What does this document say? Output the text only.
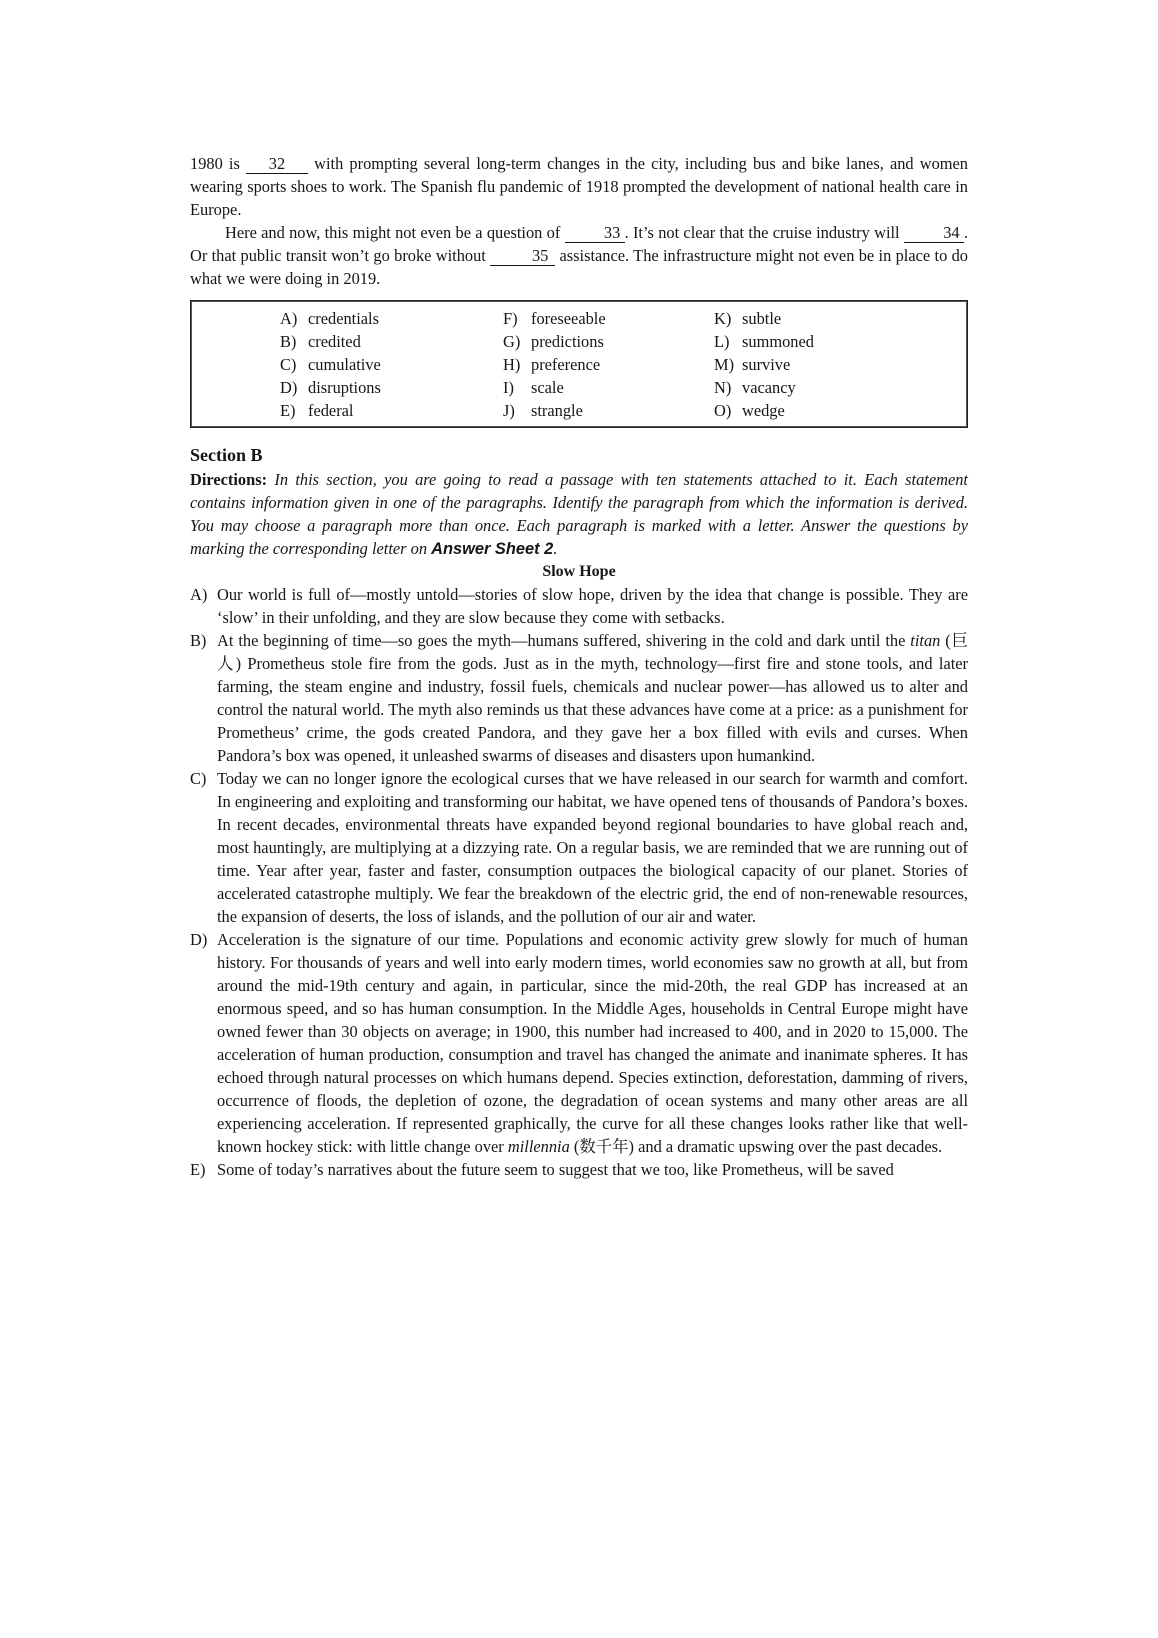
1980 is 32 with prompting several long-term changes in the city, including bus and bike lanes, and women wearing sports shoes to work. The Spanish flu pandemic of 1918 prompted the development of national health care in Europe.

Here and now, this might not even be a question of 33 . It’s not clear that the cruise industry will 34 . Or that public transit won’t go broke without	35 assistance. The infrastructure might not even be in place to do what we were doing in 2019.

A) credentials
B) credited
C) cumulative
D) disruptions
E) federal
F) foreseeable
G) predictions
H) preference
I) scale
J) strangle
K) subtle
L) summoned
M) survive
N) vacancy
O) wedge
Section B

Directions: In this section, you are going to read a passage with ten statements attached to it. Each statement contains information given in one of the paragraphs. Identify the paragraph from which the information is derived. You may choose a paragraph more than once. Each paragraph is marked with a letter. Answer the questions by marking the corresponding letter on Answer Sheet 2.

Slow Hope
A) Our world is full of—mostly untold—stories of slow hope, driven by the idea that change is possible. They are ‘slow’ in their unfolding, and they are slow because they come with setbacks.
B) At the beginning of time—so goes the myth—humans suffered, shivering in the cold and dark until the titan (巨人) Prometheus stole fire from the gods. Just as in the myth, technology—first fire and stone tools, and later farming, the steam engine and industry, fossil fuels, chemicals and nuclear power—has allowed us to alter and control the natural world. The myth also reminds us that these advances have come at a price: as a punishment for Prometheus’ crime, the gods created Pandora, and they gave her a box filled with evils and curses. When Pandora’s box was opened, it unleashed swarms of diseases and disasters upon humankind.
C) Today we can no longer ignore the ecological curses that we have released in our search for warmth and comfort. In engineering and exploiting and transforming our habitat, we have opened tens of thousands of Pandora’s boxes. In recent decades, environmental threats have expanded beyond regional boundaries to have global reach and, most hauntingly, are multiplying at a dizzying rate. On a regular basis, we are reminded that we are running out of time. Year after year, faster and faster, consumption outpaces the biological capacity of our planet. Stories of accelerated catastrophe multiply. We fear the breakdown of the electric grid, the end of non-renewable resources, the expansion of deserts, the loss of islands, and the pollution of our air and water.
D) Acceleration is the signature of our time. Populations and economic activity grew slowly for much of human history. For thousands of years and well into early modern times, world economies saw no growth at all, but from around the mid-19th century and again, in particular, since the mid-20th, the real GDP has increased at an enormous speed, and so has human consumption. In the Middle Ages, households in Central Europe might have owned fewer than 30 objects on average; in 1900, this number had increased to 400, and in 2020 to 15,000. The acceleration of human production, consumption and travel has changed the animate and inanimate spheres. It has echoed through natural processes on which humans depend. Species extinction, deforestation, damming of rivers, occurrence of floods, the depletion of ozone, the degradation of ocean systems and many other areas are all experiencing acceleration. If represented graphically, the curve for all these changes looks rather like that well-known hockey stick: with little change over millennia (数千年) and a dramatic upswing over the past decades.
E) Some of today’s narratives about the future seem to suggest that we too, like Prometheus, will be saved
